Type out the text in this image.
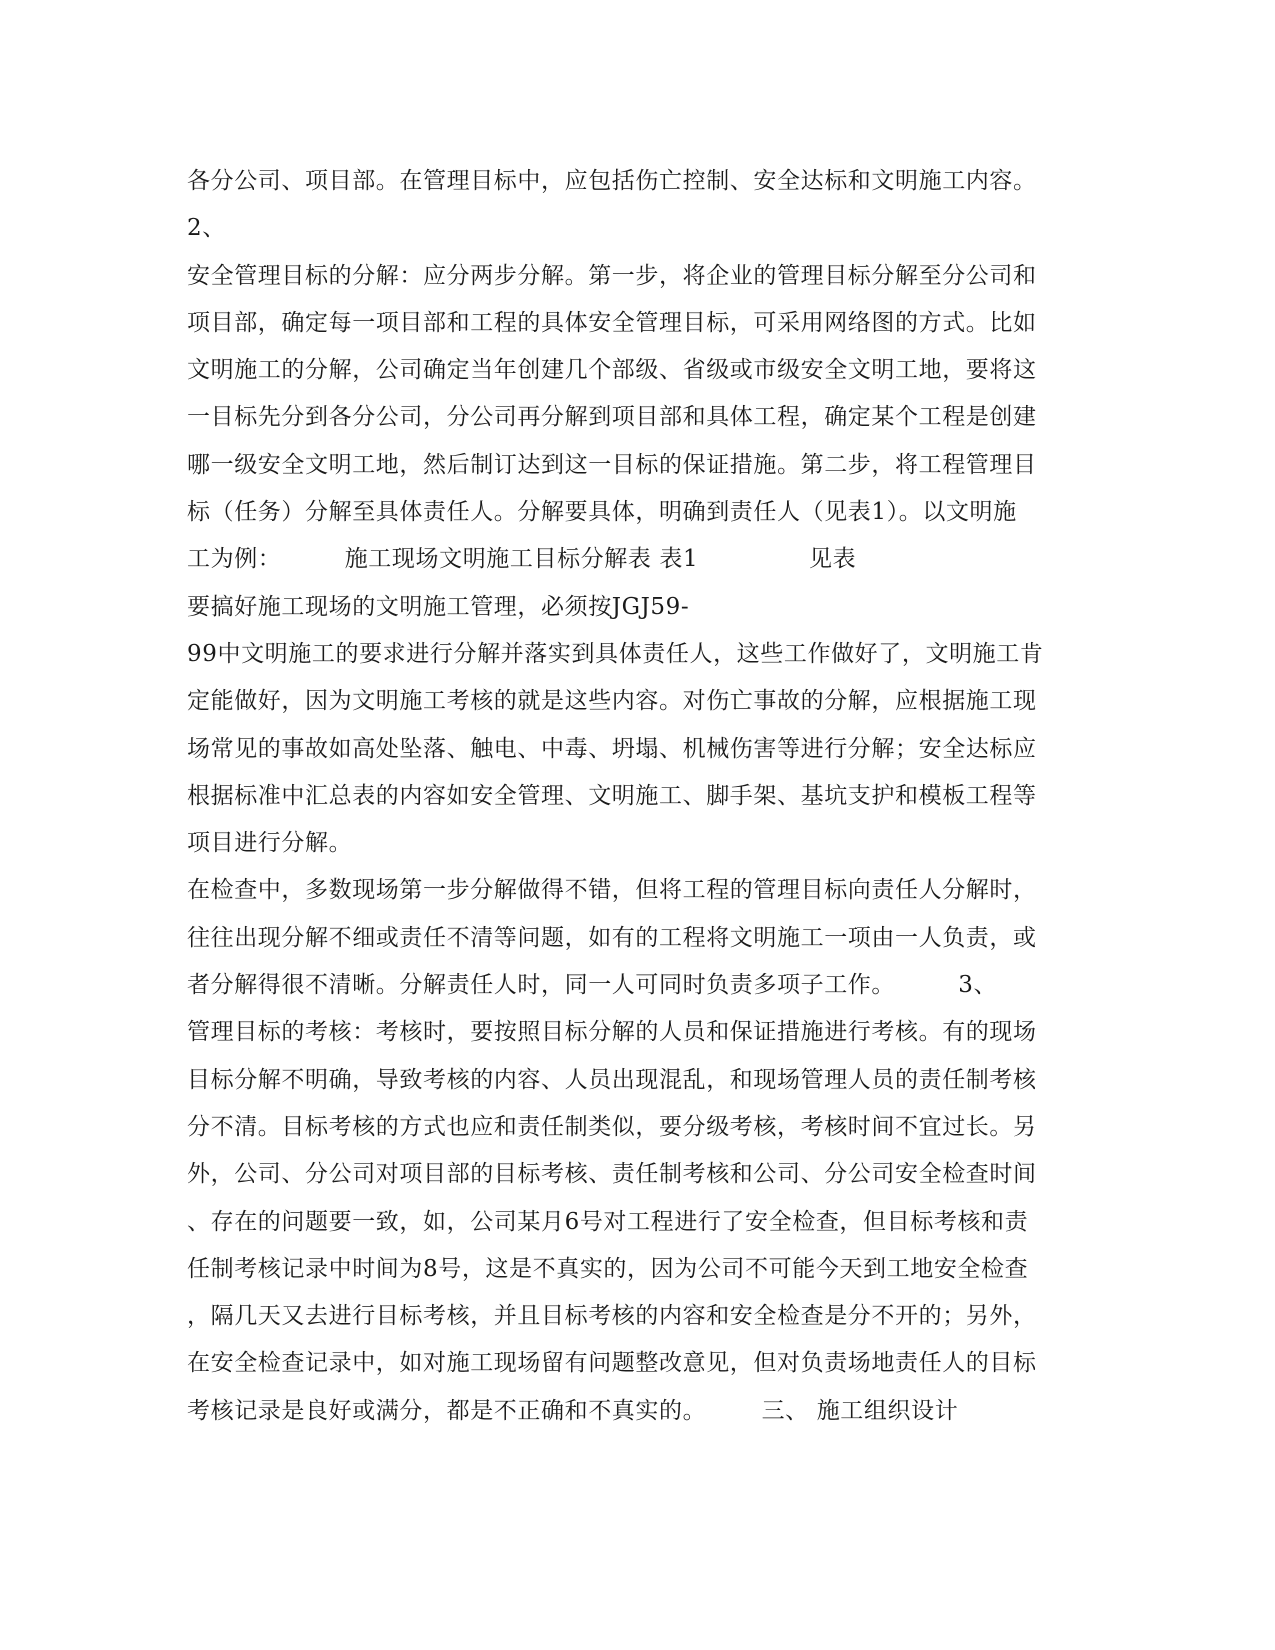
各分公司、项目部。在管理目标中，应包括伤亡控制、安全达标和文明施工内容。
2、
安全管理目标的分解：应分两步分解。第一步，将企业的管理目标分解至分公司和
项目部，确定每一项目部和工程的具体安全管理目标，可采用网络图的方式。比如
文明施工的分解，公司确定当年创建几个部级、省级或市级安全文明工地，要将这
一目标先分到各分公司，分公司再分解到项目部和具体工程，确定某个工程是创建
哪一级安全文明工地，然后制订达到这一目标的保证措施。第二步，将工程管理目
标（任务）分解至具体责任人。分解要具体，明确到责任人（见表1）。以文明施
工为例：        施工现场文明施工目标分解表 表1              见表
要搞好施工现场的文明施工管理，必须按JGJ59-
99中文明施工的要求进行分解并落实到具体责任人，这些工作做好了，文明施工肯
定能做好，因为文明施工考核的就是这些内容。对伤亡事故的分解，应根据施工现
场常见的事故如高处坠落、触电、中毒、坍塌、机械伤害等进行分解；安全达标应
根据标准中汇总表的内容如安全管理、文明施工、脚手架、基坑支护和模板工程等
项目进行分解。
在检查中，多数现场第一步分解做得不错，但将工程的管理目标向责任人分解时，
往往出现分解不细或责任不清等问题，如有的工程将文明施工一项由一人负责，或
者分解得很不清晰。分解责任人时，同一人可同时负责多项子工作。        3、
管理目标的考核：考核时，要按照目标分解的人员和保证措施进行考核。有的现场
目标分解不明确，导致考核的内容、人员出现混乱，和现场管理人员的责任制考核
分不清。目标考核的方式也应和责任制类似，要分级考核，考核时间不宜过长。另
外，公司、分公司对项目部的目标考核、责任制考核和公司、分公司安全检查时间
、存在的问题要一致，如，公司某月6号对工程进行了安全检查，但目标考核和责
任制考核记录中时间为8号，这是不真实的，因为公司不可能今天到工地安全检查
，隔几天又去进行目标考核，并且目标考核的内容和安全检查是分不开的；另外，
在安全检查记录中，如对施工现场留有问题整改意见，但对负责场地责任人的目标
考核记录是良好或满分，都是不正确和不真实的。       三、 施工组织设计
